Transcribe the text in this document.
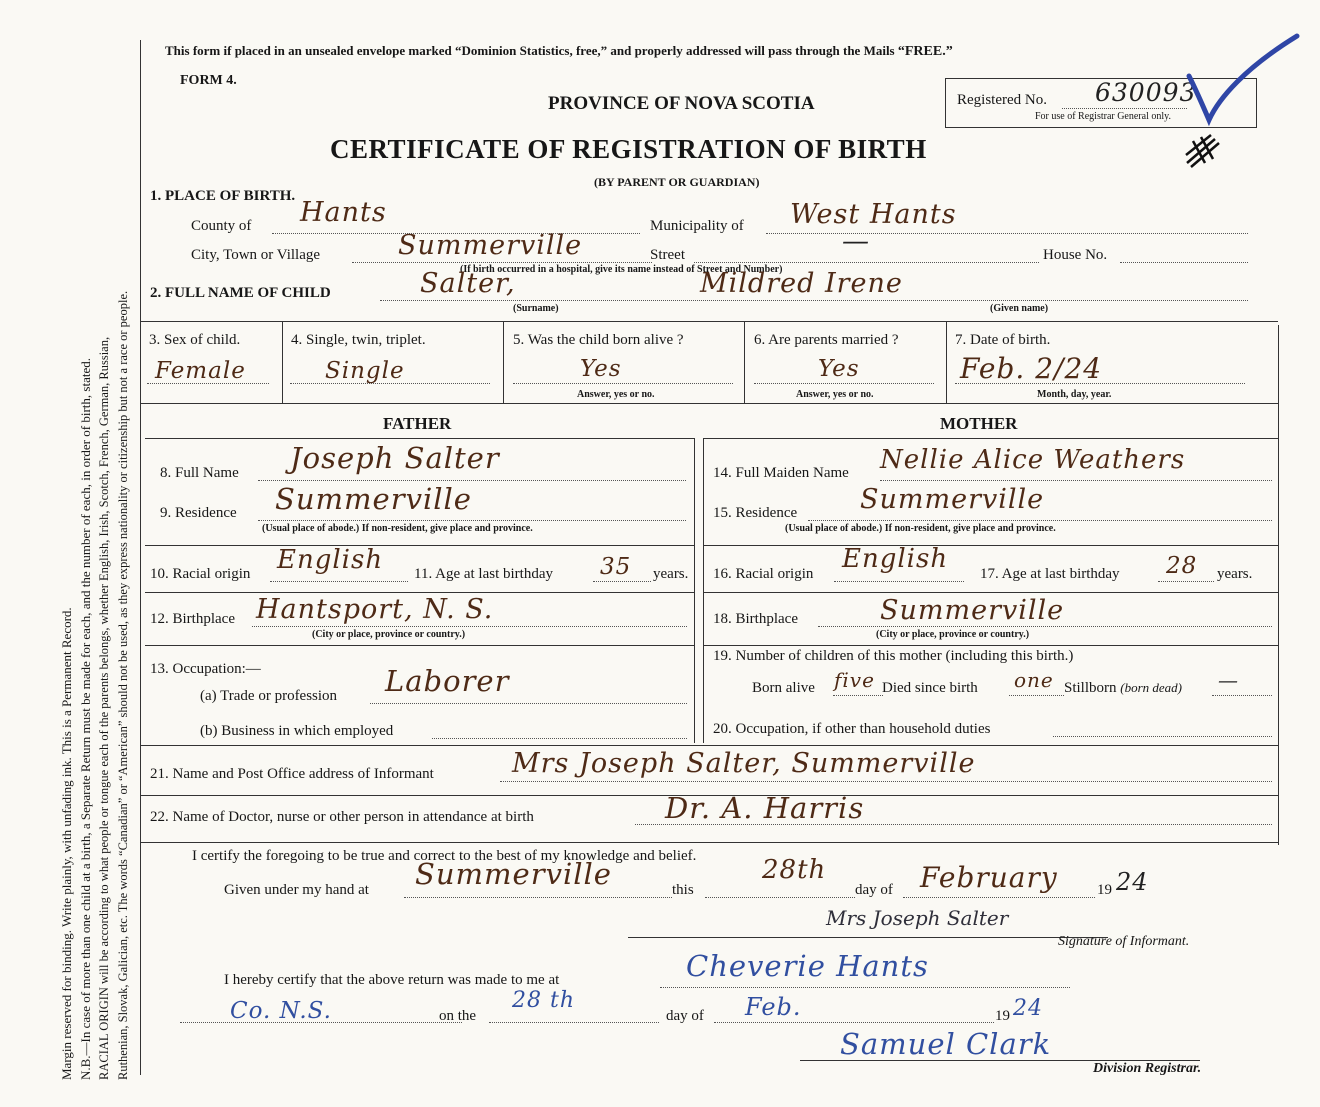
Margin reserved for binding. Write plainly, with unfading ink. This is a Permanent Record. N.B.—In case of more than one child at a birth, a Separate Return must be made for each, and the number of each, in order of birth, stated. RACIAL ORIGIN will be according to what people or tongue each of the parents belongs, whether English, Irish, Scotch, French, German, Russian, Ruthenian, Slovak, Galician, etc. The words “Canadian” or “American” should not be used, as they express nationality or citizenship but not a race or people.
This form if placed in an unsealed envelope marked “Dominion Statistics, free,” and properly addressed will pass through the Mails “FREE.”
FORM 4.
PROVINCE OF NOVA SCOTIA
CERTIFICATE OF REGISTRATION OF BIRTH
(BY PARENT OR GUARDIAN)
Registered No. 630093
For use of Registrar General only.
1. PLACE OF BIRTH.
County of Hants	Municipality of West Hants
City, Town or Village	Summerville	Street	—	House No.
(If birth occurred in a hospital, give its name instead of Street and Number)
2. FULL NAME OF CHILD	Salter,	Mildred Irene
(Surname)	(Given name)
3. Sex of child.
Female
4. Single, twin, triplet.
Single
5. Was the child born alive ?
Yes
Answer, yes or no.
6. Are parents married ?
Yes
Answer, yes or no.
7. Date of birth.
Feb. 2/24
Month, day, year.
FATHER	MOTHER
8. Full Name Joseph Salter
9. Residence Summerville
(Usual place of abode.) If non-resident, give place and province.
10. Racial origin English 11. Age at last birthday 35 years.
12. Birthplace Hantsport, N. S.
(City or place, province or country.)
13. Occupation:—
(a) Trade or profession Laborer
(b) Business in which employed
14. Full Maiden Name Nellie Alice Weathers
15. Residence Summerville
(Usual place of abode.) If non-resident, give place and province.
16. Racial origin English 17. Age at last birthday 28 years.
18. Birthplace	Summerville
(City or place, province or country.)
19. Number of children of this mother (including this birth.)
Born alive five Died since birth one Stillborn (born dead) —
20. Occupation, if other than household duties
21. Name and Post Office address of Informant	Mrs Joseph Salter, Summerville
22. Name of Doctor, nurse or other person in attendance at birth	Dr. A. Harris
I certify the foregoing to be true and correct to the best of my knowledge and belief.
Given under my hand at Summerville	this
28th
day of February	19 24
Mrs Joseph Salter
Signature of Informant.
I hereby certify that the above return was made to me at	Cheverie Hants
Co. N.S.	on the
28 th
day of Feb.	19 24
Samuel Clark
Division Registrar.
